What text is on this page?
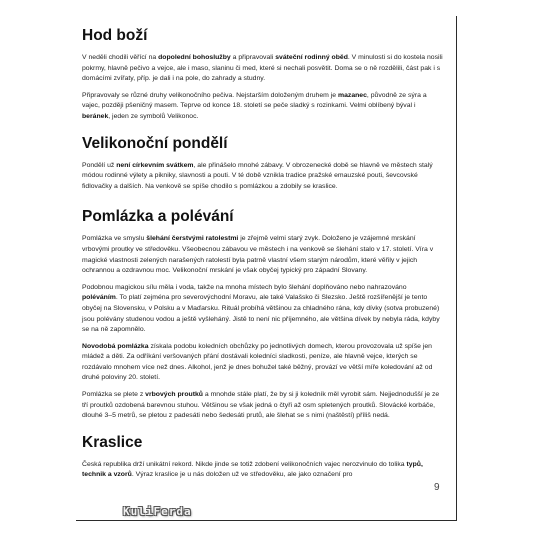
Hod boží

V neděli chodili věřící na dopolední bohoslužby a připravovali sváteční rodinný oběd. V minulosti si do kostela nosili pokrmy, hlavně pečivo a vejce, ale i maso, slaninu či med, které si nechali posvětit. Doma se o ně rozdělili, část pak i s domácími zvířaty, příp. je dali i na pole, do zahrady a studny.

Připravovaly se různé druhy velikonočního pečiva. Nejstarším doloženým druhem je mazanec, původně ze sýra a vajec, později pšeničný masem. Teprve od konce 18. století se peče sladký s rozinkami. Velmi oblíbený býval i beránek, jeden ze symbolů Velikonoc.

Velikonoční pondělí

Pondělí už není církevním svátkem, ale přinášelo mnohé zábavy. V obrozenecké době se hlavně ve městech stalý módou rodinné výlety a pikniky, slavnosti a pouti. V té době vznikla tradice pražské emauzské pouti, ševcovské fidlovačky a dalších. Na venkově se spíše chodilo s pomlázkou a zdobily se kraslice.

Pomlázka a polévání

Pomlázka ve smyslu šlehání čerstvými ratolestmi je zřejmě velmi starý zvyk. Doloženo je vzájemné mrskání vrbovými proutky ve středověku. Všeobecnou zábavou ve městech i na venkově se šlehání stalo v 17. století. Víra v magické vlastnosti zelených narašených ratolestí byla patrně vlastní všem starým národům, které věřily v jejich ochrannou a ozdravnou moc. Velikonoční mrskání je však obyčej typický pro západní Slovany.

Podobnou magickou sílu měla i voda, takže na mnoha místech bylo šlehání doplňováno nebo nahrazováno poléváním. To platí zejména pro severovýchodní Moravu, ale také Valašsko či Slezsko. Ještě rozšířenější je tento obyčej na Slovensku, v Polsku a v Maďarsku. Rituál probíhá většinou za chladného rána, kdy dívky (sotva probuzené) jsou polévány studenou vodou a ještě vyšleháný. Jistě to není nic příjemného, ale většina dívek by nebyla ráda, kdyby se na ně zapomnělo.

Novodobá pomlázka získala podobu koledních obchůzky po jednotlivých domech, kterou provozovala už spíše jen mládež a děti. Za odříkání veršovaných přání dostávali koledníci sladkosti, peníze, ale hlavně vejce, kterých se rozdávalo mnohem více než dnes. Alkohol, jenž je dnes bohužel také běžný, provází ve větší míře koledování až od druhé poloviny 20. století.

Pomlázka se plete z vrbových proutků a mnohde stále platí, že by si ji koledník měl vyrobit sám. Nejjednodušší je ze tří proutků ozdobená barevnou stuhou. Většinou se však jedná o čtyři až osm spletených proutků. Slovácké korbáče, dlouhé 3–5 metrů, se pletou z padesáti nebo šedesáti prutů, ale šlehat se s nimi (naštěstí) příliš nedá.

Kraslice

Česká republika drží unikátní rekord. Nikde jinde se totiž zdobení velikonočních vajec nerozvinulo do tolika typů, technik a vzorů. Výraz kraslice je u nás doložen už ve středověku, ale jako označení pro

9
KuliFerda
